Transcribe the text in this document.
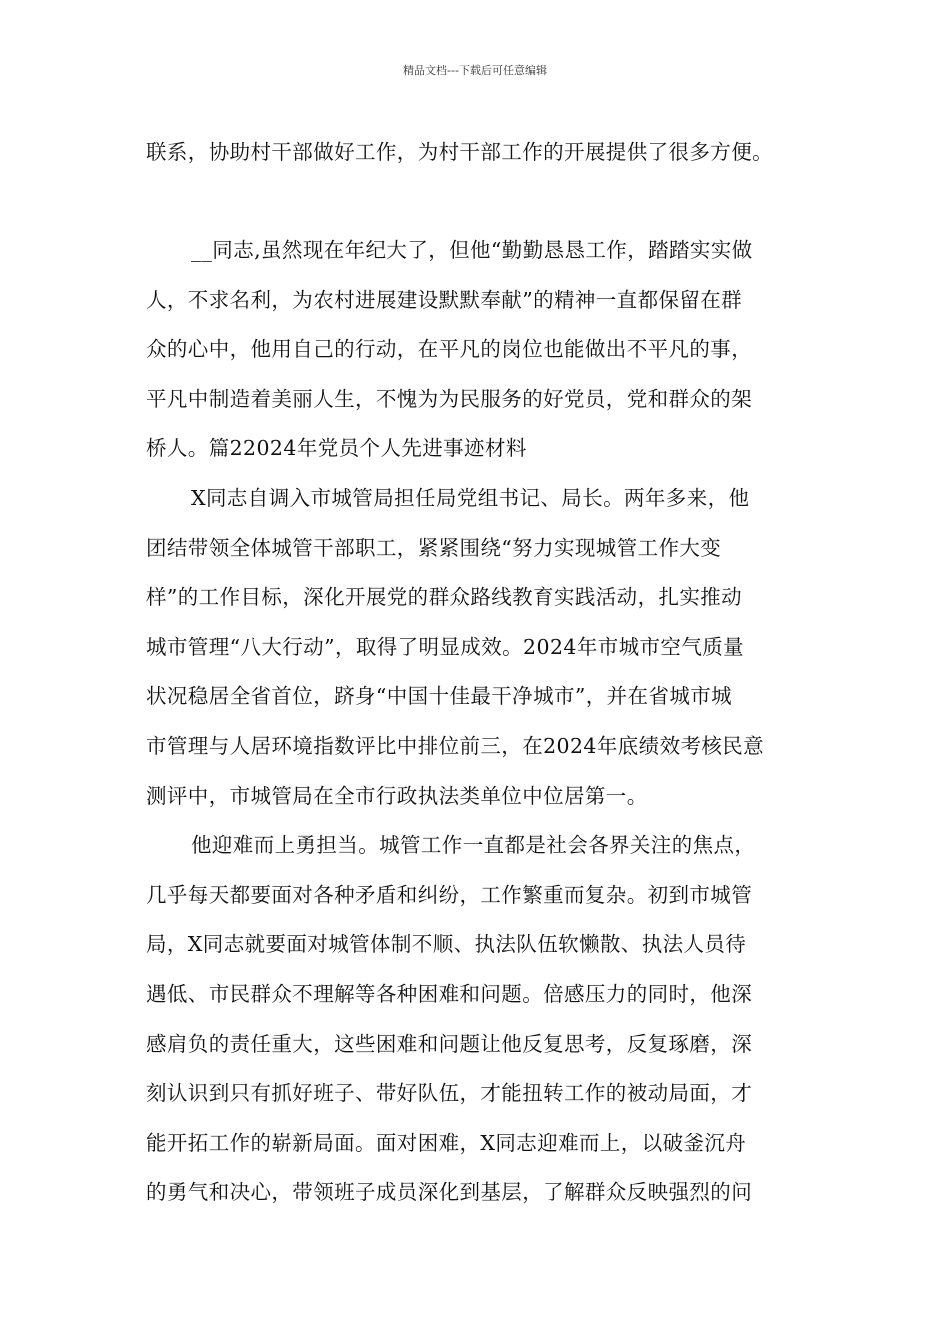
精品文档---下载后可任意编辑

联系，协助村干部做好工作，为村干部工作的开展提供了很多方便。

__同志,虽然现在年纪大了，但他“勤勤恳恳工作，踏踏实实做
人，不求名利，为农村进展建设默默奉献”的精神一直都保留在群
众的心中，他用自己的行动，在平凡的岗位也能做出不平凡的事，
平凡中制造着美丽人生，不愧为为民服务的好党员，党和群众的架
桥人。篇22024年党员个人先进事迹材料

X同志自调入市城管局担任局党组书记、局长。两年多来，他
团结带领全体城管干部职工，紧紧围绕“努力实现城管工作大变
样”的工作目标，深化开展党的群众路线教育实践活动，扎实推动
城市管理“八大行动”，取得了明显成效。2024年市城市空气质量
状况稳居全省首位，跻身“中国十佳最干净城市”，并在省城市城
市管理与人居环境指数评比中排位前三，在2024年底绩效考核民意
测评中，市城管局在全市行政执法类单位中位居第一。

他迎难而上勇担当。城管工作一直都是社会各界关注的焦点，
几乎每天都要面对各种矛盾和纠纷，工作繁重而复杂。初到市城管
局，X同志就要面对城管体制不顺、执法队伍软懒散、执法人员待
遇低、市民群众不理解等各种困难和问题。倍感压力的同时，他深
感肩负的责任重大，这些困难和问题让他反复思考，反复琢磨，深
刻认识到只有抓好班子、带好队伍，才能扭转工作的被动局面，才
能开拓工作的崭新局面。面对困难，X同志迎难而上，以破釜沉舟
的勇气和决心，带领班子成员深化到基层，了解群众反映强烈的问
